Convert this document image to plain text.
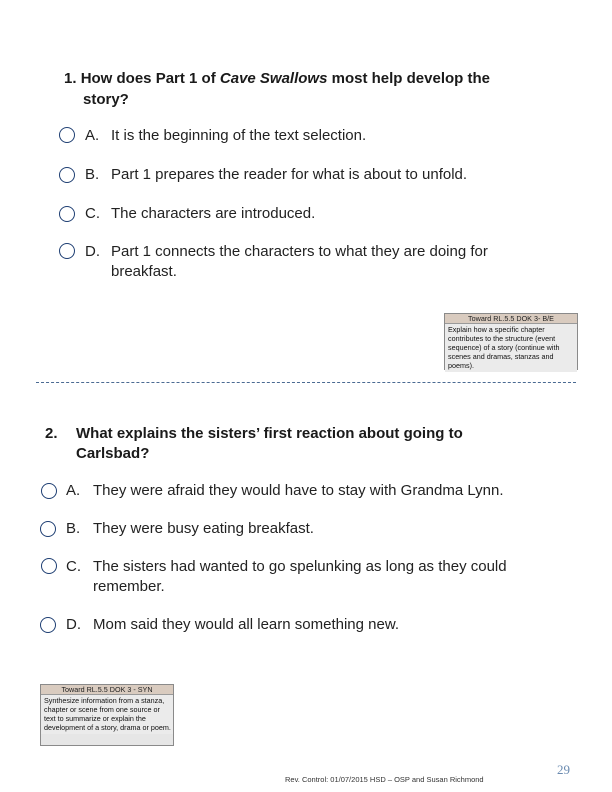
1. How does Part 1 of Cave Swallows most help develop the
story?
A. It is the beginning of the text selection.
B. Part 1 prepares the reader for what is about to unfold.
C. The characters are introduced.
D. Part 1 connects the characters to what they are doing for
breakfast.
Toward RL.5.5 DOK 3- B/E
Explain how a specific chapter contributes to the structure (event sequence) of a story (continue with scenes and dramas, stanzas and poems).
2. What explains the sisters’ first reaction about going to
Carlsbad?
A. They were afraid they would have to stay with Grandma Lynn.
B. They were busy eating breakfast.
C. The sisters had wanted to go spelunking as long as they could
remember.
D. Mom said they would all learn something new.
Toward RL.5.5 DOK 3 - SYN
Synthesize information from a stanza, chapter or scene from one source or text to summarize or explain the development of a story, drama or poem.
Rev. Control: 01/07/2015 HSD – OSP and Susan Richmond
29
